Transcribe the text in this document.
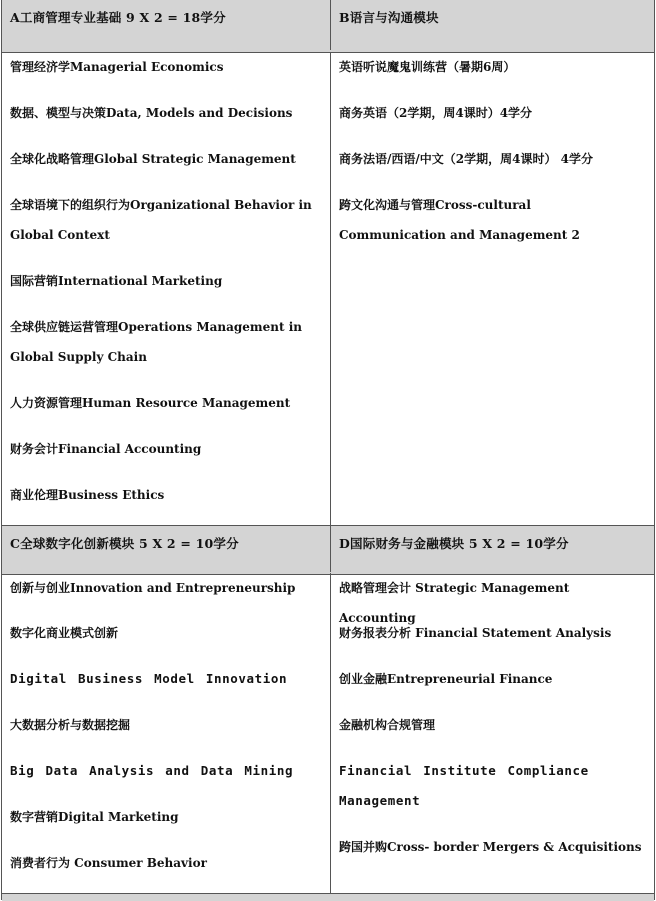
A工商管理专业基础 9 X 2 = 18学分	B语言与沟通模块
管理经济学Managerial Economics
数据、模型与决策Data, Models and Decisions
全球化战略管理Global Strategic Management
全球语境下的组织行为Organizational Behavior in Global Context
国际营销International Marketing
全球供应链运营管理Operations Management in Global Supply Chain
人力资源管理Human Resource Management
财务会计Financial Accounting
商业伦理Business Ethics
英语听说魔鬼训练营（暑期6周）
商务英语（2学期，周4课时）4学分
商务法语/西语/中文（2学期，周4课时） 4学分
跨文化沟通与管理Cross-cultural Communication and Management 2
C全球数字化创新模块 5 X 2 = 10学分	D国际财务与金融模块 5 X 2 = 10学分
创新与创业Innovation and Entrepreneurship
数字化商业模式创新
Digital Business Model Innovation
大数据分析与数据挖掘
Big Data Analysis and Data Mining
数字营销Digital Marketing
消费者行为 Consumer Behavior
战略管理会计 Strategic Management Accounting
财务报表分析 Financial Statement Analysis
创业金融Entrepreneurial Finance
金融机构合规管理
Financial Institute Compliance Management
跨国并购Cross- border Mergers & Acquisitions
